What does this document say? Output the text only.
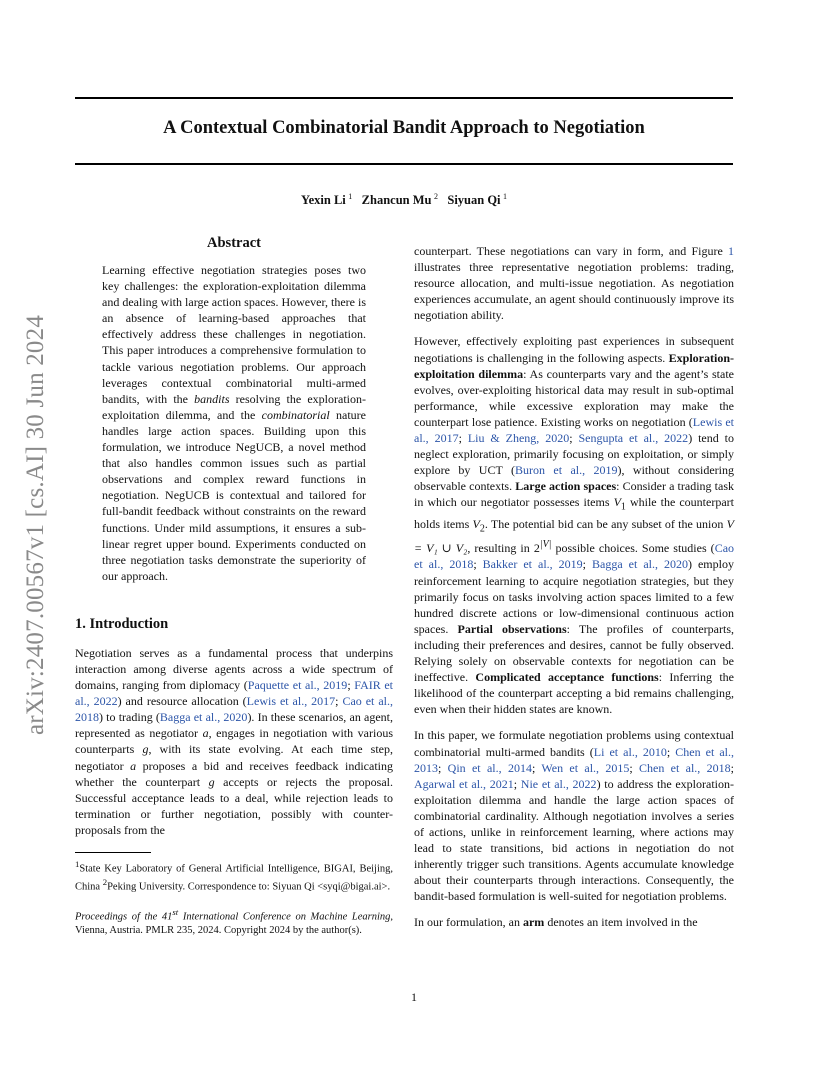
A Contextual Combinatorial Bandit Approach to Negotiation
Yexin Li  $^1$ Zhancun Mu  $^2$ Siyuan Qi  $^1$
arXiv:2407.00567v1 [cs.AI] 30 Jun 2024
Abstract

Learning effective negotiation strategies poses two key challenges: the exploration-exploitation dilemma and dealing with large action spaces. However, there is an absence of learning-based approaches that effectively address these challenges in negotiation. This paper introduces a comprehensive formulation to tackle various negotiation problems. Our approach leverages contextual combinatorial multi-armed bandits, with the bandits resolving the exploration-exploitation dilemma, and the combinatorial nature handles large action spaces. Building upon this formulation, we introduce NegUCB, a novel method that also handles common issues such as partial observations and complex reward functions in negotiation. NegUCB is contextual and tailored for full-bandit feedback without constraints on the reward functions. Under mild assumptions, it ensures a sub-linear regret upper bound. Experiments conducted on three negotiation tasks demonstrate the superiority of our approach.

1. Introduction

Negotiation serves as a fundamental process that underpins interaction among diverse agents across a wide spectrum of domains, ranging from diplomacy (Paquette et al., 2019; FAIR et al., 2022) and resource allocation (Lewis et al., 2017; Cao et al., 2018) to trading (Bagga et al., 2020). In these scenarios, an agent, represented as negotiator a, engages in negotiation with various counterparts g, with its state evolving. At each time step, negotiator a proposes a bid and receives feedback indicating whether the counterpart g accepts or rejects the proposal. Successful acceptance leads to a deal, while rejection leads to termination or further negotiation, possibly with counter-proposals from the

$^1$State Key Laboratory of General Artificial Intelligence, BIGAI, Beijing, China $^2$Peking University. Correspondence to: Siyuan Qi <syqi@bigai.ai>.

Proceedings of the 41st International Conference on Machine Learning, Vienna, Austria. PMLR 235, 2024. Copyright 2024 by the author(s).

counterpart. These negotiations can vary in form, and Figure 1 illustrates three representative negotiation problems: trading, resource allocation, and multi-issue negotiation. As negotiation experiences accumulate, an agent should continuously improve its negotiation ability.

However, effectively exploiting past experiences in subsequent negotiations is challenging in the following aspects. Exploration-exploitation dilemma: As counterparts vary and the agent’s state evolves, over-exploiting historical data may result in sub-optimal performance, while excessive exploration may make the counterpart lose patience. Existing works on negotiation (Lewis et al., 2017; Liu & Zheng, 2020; Sengupta et al., 2022) tend to neglect exploration, primarily focusing on exploitation, or simply explore by UCT (Buron et al., 2019), without considering observable contexts. Large action spaces: Consider a trading task in which our negotiator possesses items $V_1$ while the counterpart holds items $V_2$. The potential bid can be any subset of the union V = V₁ ∪ V₂, resulting in $2^{|V|}$ possible choices. Some studies (Cao et al., 2018; Bakker et al., 2019; Bagga et al., 2020) employ reinforcement learning to acquire negotiation strategies, but they primarily focus on tasks involving action spaces limited to a few hundred discrete actions or low-dimensional continuous action spaces. Partial observations: The profiles of counterparts, including their preferences and desires, cannot be fully observed. Relying solely on observable contexts for negotiation can be ineffective. Complicated acceptance functions: Inferring the likelihood of the counterpart accepting a bid remains challenging, even when their hidden states are known.

In this paper, we formulate negotiation problems using contextual combinatorial multi-armed bandits (Li et al., 2010; Chen et al., 2013; Qin et al., 2014; Wen et al., 2015; Chen et al., 2018; Agarwal et al., 2021; Nie et al., 2022) to address the exploration-exploitation dilemma and handle the large action spaces of combinatorial cardinality. Although negotiation involves a series of actions, unlike in reinforcement learning, where actions may lead to state transitions, bid actions in negotiation do not inherently trigger such transitions. Agents accumulate knowledge about their counterparts through interactions. Consequently, the bandit-based formulation is well-suited for negotiation problems.

In our formulation, an arm denotes an item involved in the

1
